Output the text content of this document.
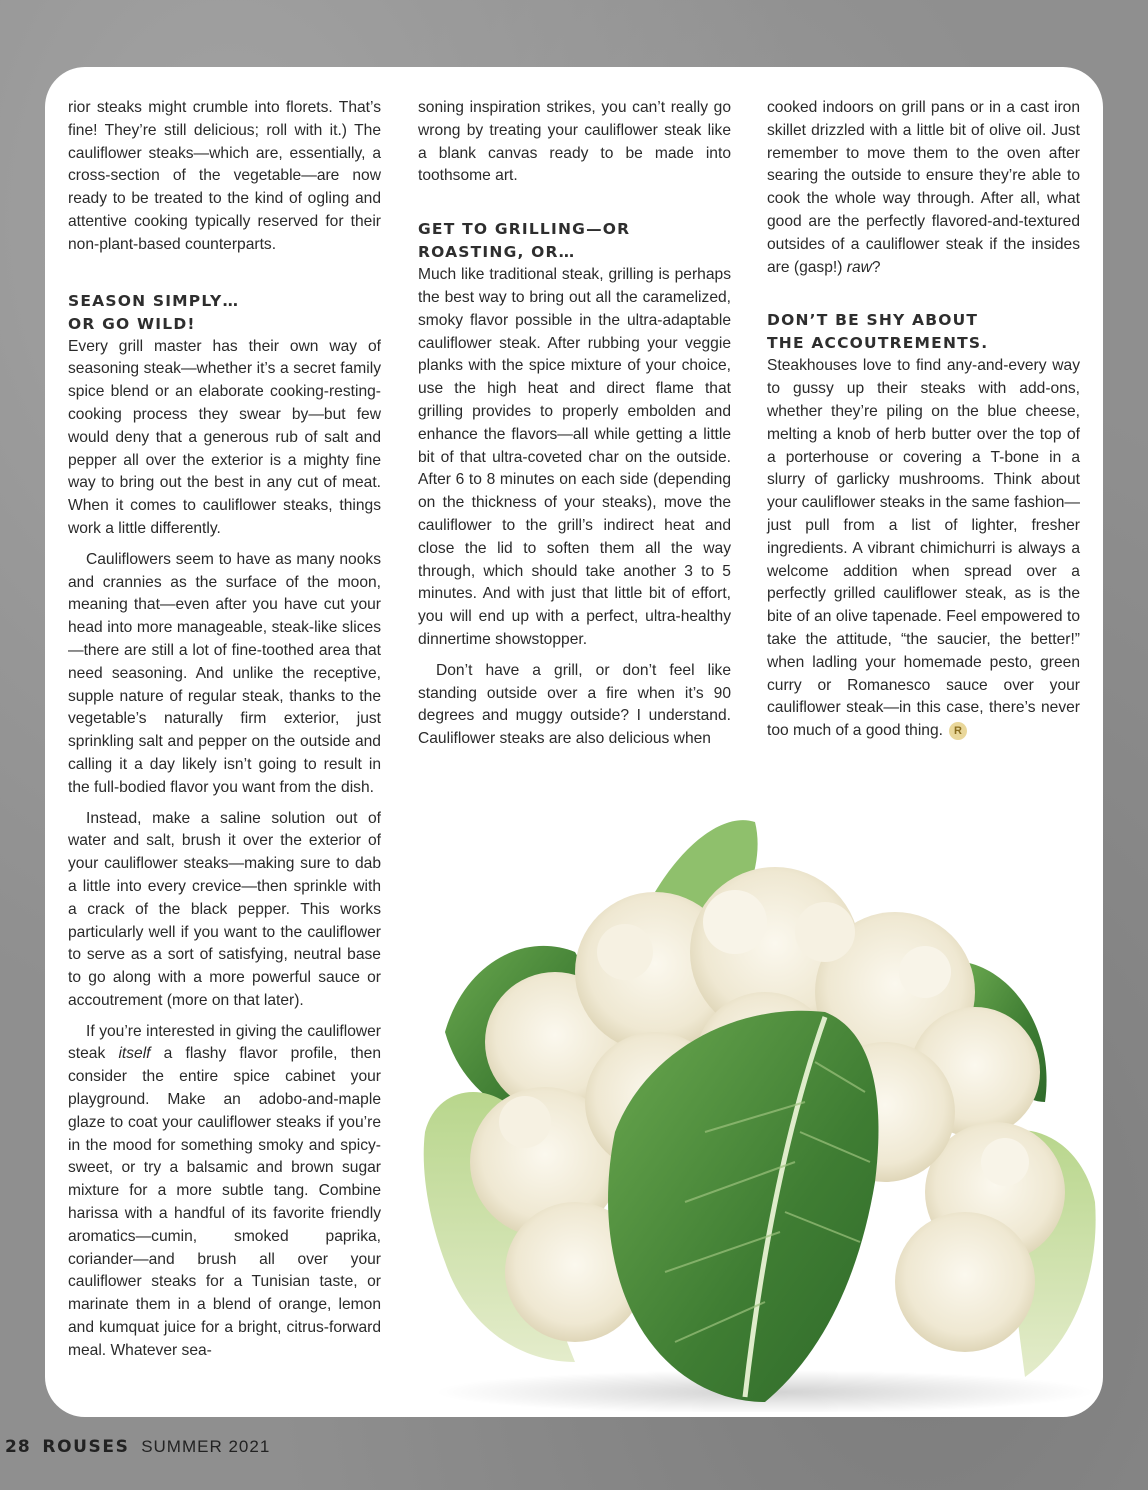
rior steaks might crumble into florets. That’s fine! They’re still delicious; roll with it.) The cauliflower steaks—which are, essentially, a cross-section of the vegetable—are now ready to be treated to the kind of ogling and attentive cooking typically reserved for their non-plant-based counterparts.

SEASON SIMPLY…
OR GO WILD!

Every grill master has their own way of seasoning steak—whether it’s a secret family spice blend or an elaborate cooking-resting-cooking process they swear by—but few would deny that a generous rub of salt and pepper all over the exterior is a mighty fine way to bring out the best in any cut of meat. When it comes to cauliflower steaks, things work a little differently.

Cauliflowers seem to have as many nooks and crannies as the surface of the moon, meaning that—even after you have cut your head into more manageable, steak-like slices—there are still a lot of fine-toothed area that need seasoning. And unlike the receptive, supple nature of regular steak, thanks to the vegetable’s naturally firm exterior, just sprinkling salt and pepper on the outside and calling it a day likely isn’t going to result in the full-bodied flavor you want from the dish.

Instead, make a saline solution out of water and salt, brush it over the exterior of your cauliflower steaks—making sure to dab a little into every crevice—then sprinkle with a crack of the black pepper. This works particularly well if you want to the cauliflower to serve as a sort of satisfying, neutral base to go along with a more powerful sauce or accoutrement (more on that later).

If you’re interested in giving the cauliflower steak itself a flashy flavor profile, then consider the entire spice cabinet your playground. Make an adobo-and-maple glaze to coat your cauliflower steaks if you’re in the mood for something smoky and spicy-sweet, or try a balsamic and brown sugar mixture for a more subtle tang. Combine harissa with a handful of its favorite friendly aromatics—cumin, smoked paprika, coriander—and brush all over your cauliflower steaks for a Tunisian taste, or marinate them in a blend of orange, lemon and kumquat juice for a bright, citrus-forward meal. Whatever sea-

soning inspiration strikes, you can’t really go wrong by treating your cauliflower steak like a blank canvas ready to be made into toothsome art.

GET TO GRILLING—OR
ROASTING, OR…

Much like traditional steak, grilling is perhaps the best way to bring out all the caramelized, smoky flavor possible in the ultra-adaptable cauliflower steak. After rubbing your veggie planks with the spice mixture of your choice, use the high heat and direct flame that grilling provides to properly embolden and enhance the flavors—all while getting a little bit of that ultra-coveted char on the outside. After 6 to 8 minutes on each side (depending on the thickness of your steaks), move the cauliflower to the grill’s indirect heat and close the lid to soften them all the way through, which should take another 3 to 5 minutes. And with just that little bit of effort, you will end up with a perfect, ultra-healthy dinnertime showstopper.

Don’t have a grill, or don’t feel like standing outside over a fire when it’s 90 degrees and muggy outside? I understand. Cauliflower steaks are also delicious when

cooked indoors on grill pans or in a cast iron skillet drizzled with a little bit of olive oil. Just remember to move them to the oven after searing the outside to ensure they’re able to cook the whole way through. After all, what good are the perfectly flavored-and-textured outsides of a cauliflower steak if the insides are (gasp!) raw?

DON’T BE SHY ABOUT
THE ACCOUTREMENTS.

Steakhouses love to find any-and-every way to gussy up their steaks with add-ons, whether they’re piling on the blue cheese, melting a knob of herb butter over the top of a porterhouse or covering a T-bone in a slurry of garlicky mushrooms. Think about your cauliflower steaks in the same fashion—just pull from a list of lighter, fresher ingredients. A vibrant chimichurri is always a welcome addition when spread over a perfectly grilled cauliflower steak, as is the bite of an olive tapenade. Feel empowered to take the attitude, “the saucier, the better!” when ladling your homemade pesto, green curry or Romanesco sauce over your cauliflower steak—in this case, there’s never too much of a good thing. R

28 ROUSES SUMMER 2021
